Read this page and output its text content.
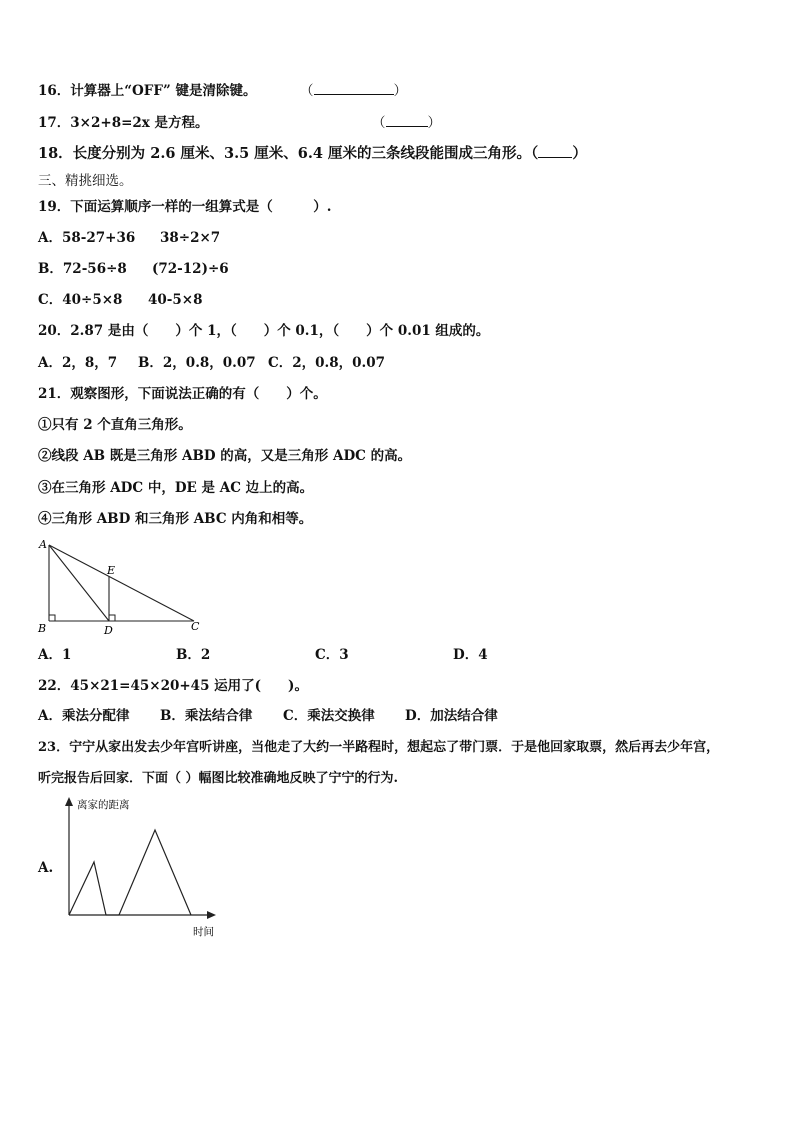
16．计算器上“OFF” 键是清除键。	（	）
17．3×2+8=2x 是方程。	（	）
18．长度分别为 2.6 厘米、3.5 厘米、6.4 厘米的三条线段能围成三角形。（ ）
三、精挑细选。
19．下面运算顺序一样的一组算式是（　　　）.
A．58-27+36 38÷2×7
B．72-56÷8 (72-12)÷6
C．40÷5×8 40-5×8
20．2.87 是由（　　）个 1，（　　）个 0.1，（　　）个 0.01 组成的。
A．2，8，7 B．2，0.8，0.07 C．2，0.8，0.07
21．观察图形，下面说法正确的有（　　）个。
①只有 2 个直角三角形。
②线段 AB 既是三角形 ABD 的高，又是三角形 ADC 的高。
③在三角形 ADC 中，DE 是 AC 边上的高。
④三角形 ABD 和三角形 ABC 内角和相等。
A
B	D	C
E
A．1	B．2	C．3	D．4
22．45×21=45×20+45 运用了(　　)。
A．乘法分配律 B．乘法结合律 C．乘法交换律 D．加法结合律
23．宁宁从家出发去少年宫听讲座，当他走了大约一半路程时，想起忘了带门票．于是他回家取票，然后再去少年宫，
听完报告后回家．下面（ ）幅图比较准确地反映了宁宁的行为.
A.
离家的距离
时间
